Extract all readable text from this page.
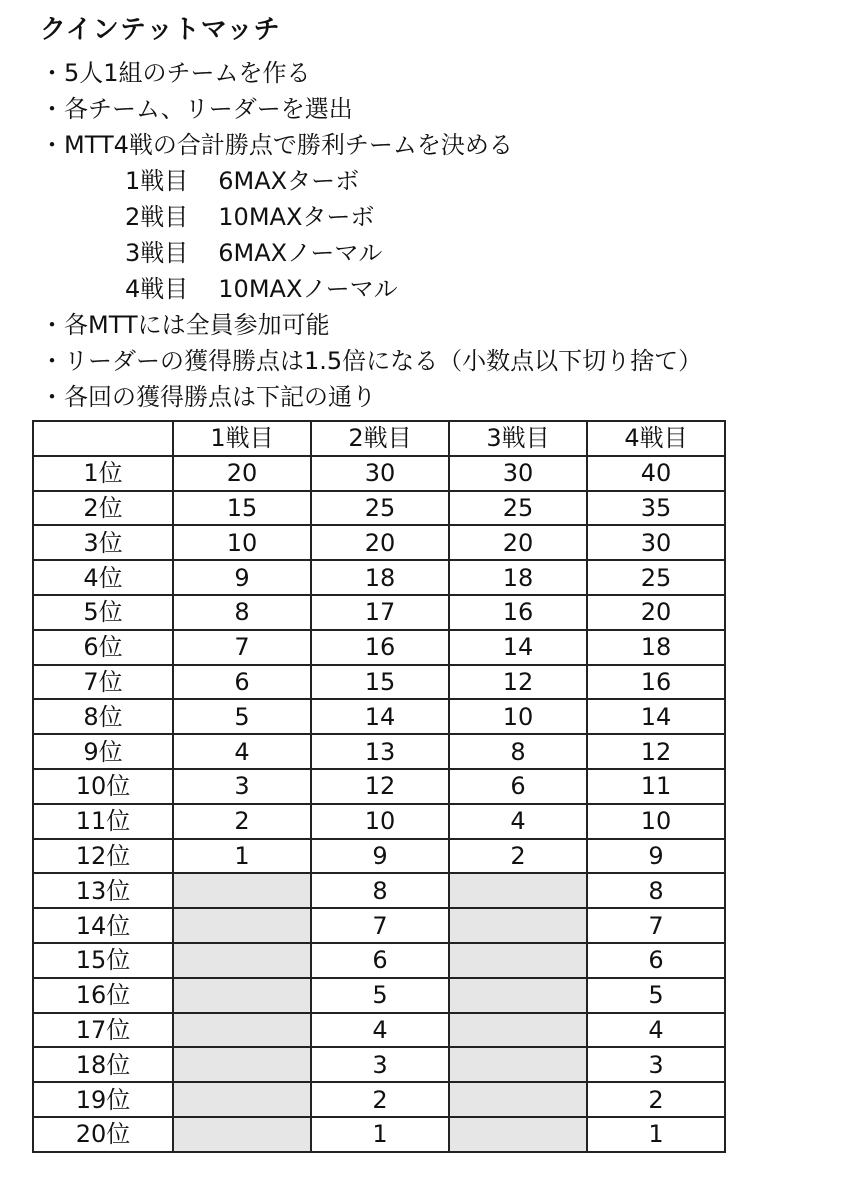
クインテットマッチ
・5人1組のチームを作る
・各チーム、リーダーを選出
・MTT4戦の合計勝点で勝利チームを決める
1戦目 6MAXターボ
2戦目 10MAXターボ
3戦目 6MAXノーマル
4戦目 10MAXノーマル
・各MTTには全員参加可能
・リーダーの獲得勝点は1.5倍になる（小数点以下切り捨て）
・各回の獲得勝点は下記の通り
	1戦目	2戦目	3戦目	4戦目
1位	20	30	30	40
2位	15	25	25	35
3位	10	20	20	30
4位	9	18	18	25
5位	8	17	16	20
6位	7	16	14	18
7位	6	15	12	16
8位	5	14	10	14
9位	4	13	8	12
10位	3	12	6	11
11位	2	10	4	10
12位	1	9	2	9
13位		8		8
14位		7		7
15位		6		6
16位		5		5
17位		4		4
18位		3		3
19位		2		2
20位		1		1
